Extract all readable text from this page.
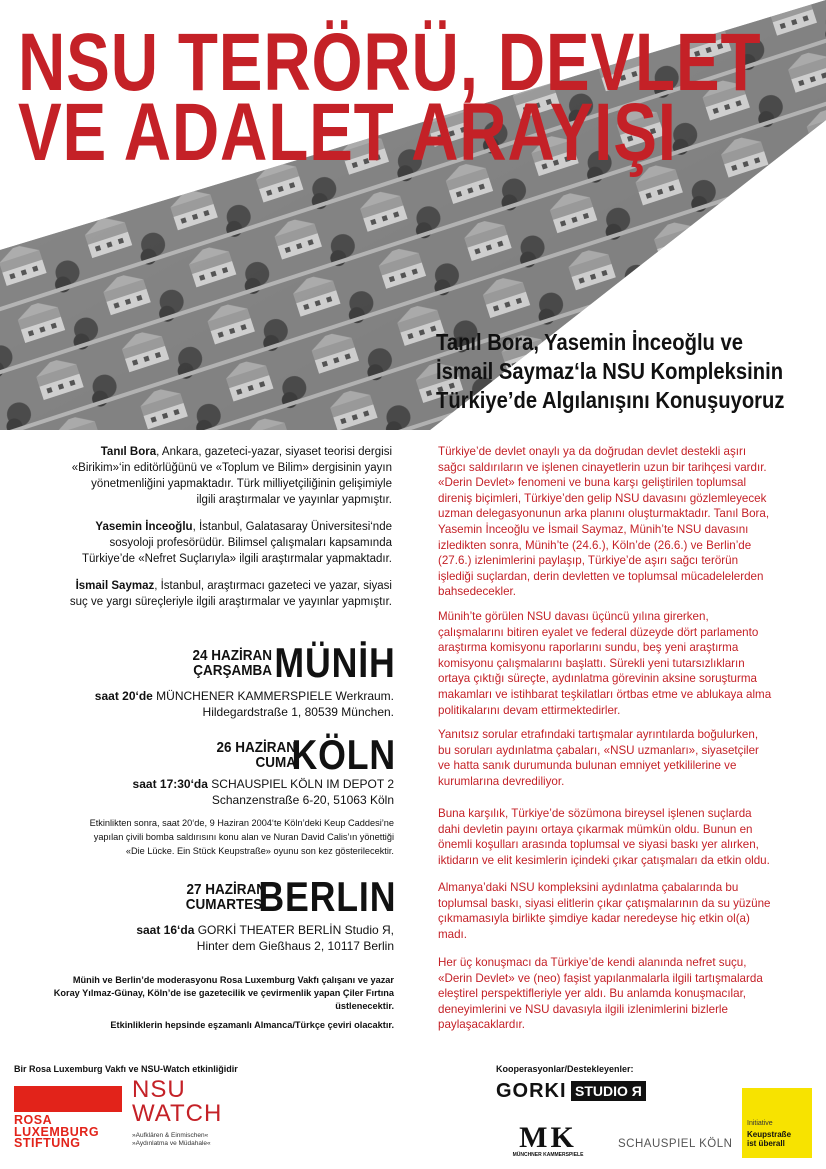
NSU TERÖRÜ, DEVLET
VE ADALET ARAYIŞI
Tanıl Bora, Yasemin İnceoğlu ve
İsmail Saymaz‘la NSU Kompleksinin
Türkiye’de Algılanışını Konuşuyoruz

Tanıl Bora, Ankara, gazeteci-yazar, siyaset teorisi dergisi
«Birikim»‘in editörlüğünü ve «Toplum ve Bilim» dergisinin yayın
yönetmenliğini yapmaktadır. Türk milliyetçiliğinin gelişimiyle
ilgili araştırmalar ve yayınlar yapmıştır.

Yasemin İnceoğlu, İstanbul, Galatasaray Üniversitesi‘nde
sosyoloji profesörüdür. Bilimsel çalışmaları kapsamında
Türkiye’de «Nefret Suçlarıyla» ilgili araştırmalar yapmaktadır.

İsmail Saymaz, İstanbul, araştırmacı gazeteci ve yazar, siyasi
suç ve yargı süreçleriyle ilgili araştırmalar ve yayınlar yapmıştır.

24 HAZİRAN
ÇARŞAMBA MÜNİH
saat 20‘de MÜNCHENER KAMMERSPIELE Werkraum.
Hildegardstraße 1, 80539 München.
26 HAZİRAN
CUMA
KÖLN
saat 17:30‘da SCHAUSPIEL KÖLN IM DEPOT 2
Schanzenstraße 6-20, 51063 Köln
Etkinlikten sonra, saat 20‘de, 9 Haziran 2004‘te Köln’deki Keup Caddesi’ne
yapılan çivili bomba saldırısını konu alan ve Nuran David Calis’ın yönettiği
«Die Lücke. Ein Stück Keupstraße» oyunu son kez gösterilecektir.
27 HAZİRAN
CUMARTESİ
BERLIN
saat 16‘da GORKİ THEATER BERLİN Studio Я,
Hinter dem Gießhaus 2, 10117 Berlin
Münih ve Berlin’de moderasyonu Rosa Luxemburg Vakfı çalışanı ve yazar
Koray Yılmaz-Günay, Köln’de ise gazetecilik ve çevirmenlik yapan Çiler Fırtına
üstlenecektir.
Etkinliklerin hepsinde eşzamanlı Almanca/Türkçe çeviri olacaktır.
Türkiye’de devlet onaylı ya da doğrudan devlet destekli aşırı
sağcı saldırıların ve işlenen cinayetlerin uzun bir tarihçesi vardır.
«Derin Devlet» fenomeni ve buna karşı geliştirilen toplumsal
direniş biçimleri, Türkiye’den gelip NSU davasını gözlemleyecek
uzman delegasyonunun arka planını oluşturmaktadır. Tanıl Bora,
Yasemin İnceoğlu ve İsmail Saymaz, Münih’te NSU davasını
izledikten sonra, Münih’te (24.6.), Köln’de (26.6.) ve Berlin’de
(27.6.) izlenimlerini paylaşıp, Türkiye’de aşırı sağcı terörün
işlediği suçlardan, derin devletten ve toplumsal mücadelelerden
bahsedecekler.
Münih’te görülen NSU davası üçüncü yılına girerken,
çalışmalarını bitiren eyalet ve federal düzeyde dört parlamento
araştırma komisyonu raporlarını sundu, beş yeni araştırma
komisyonu çalışmalarını başlattı. Sürekli yeni tutarsızlıkların
ortaya çıktığı süreçte, aydınlatma görevinin aksine soruşturma
makamları ve istihbarat teşkilatları örtbas etme ve ablukaya alma
politikalarını devam ettirmektedirler.
Yanıtsız sorular etrafındaki tartışmalar ayrıntılarda boğulurken,
bu soruları aydınlatma çabaları, «NSU uzmanları», siyasetçiler
ve hatta sanık durumunda bulunan emniyet yetkililerine ve
kurumlarına devrediliyor.
Buna karşılık, Türkiye’de sözümona bireysel işlenen suçlarda
dahi devletin payını ortaya çıkarmak mümkün oldu. Bunun en
önemli koşulları arasında toplumsal ve siyasi baskı yer alırken,
iktidarın ve elit kesimlerin içindeki çıkar çatışmaları da etkin oldu.
Almanya’daki NSU kompleksini aydınlatma çabalarında bu
toplumsal baskı, siyasi elitlerin çıkar çatışmalarının da su yüzüne
çıkmamasıyla birlikte şimdiye kadar neredeyse hiç etkin ol(a)
madı.
Her üç konuşmacı da Türkiye’de kendi alanında nefret suçu,
«Derin Devlet» ve (neo) faşist yapılanmalarla ilgili tartışmalarda
eleştirel perspektifleriyle yer aldı. Bu anlamda konuşmacılar,
deneyimlerini ve NSU davasıyla ilgili izlenimlerini bizlerle
paylaşacaklardır.
Bir Rosa Luxemburg Vakfı ve NSU-Watch etkinliğidir	Kooperasyonlar/Destekleyenler:
ROSA
LUXEMBURG
STIFTUNG
NSU
WATCH
»Aufklären & Einmischen«
»Aydınlatma ve Müdahale«
GORKI STUDIO Я
MK
MÜNCHNER KAMMERSPIELE
SCHAUSPIEL KÖLN
Initiative
Keupstraße
ist überall
